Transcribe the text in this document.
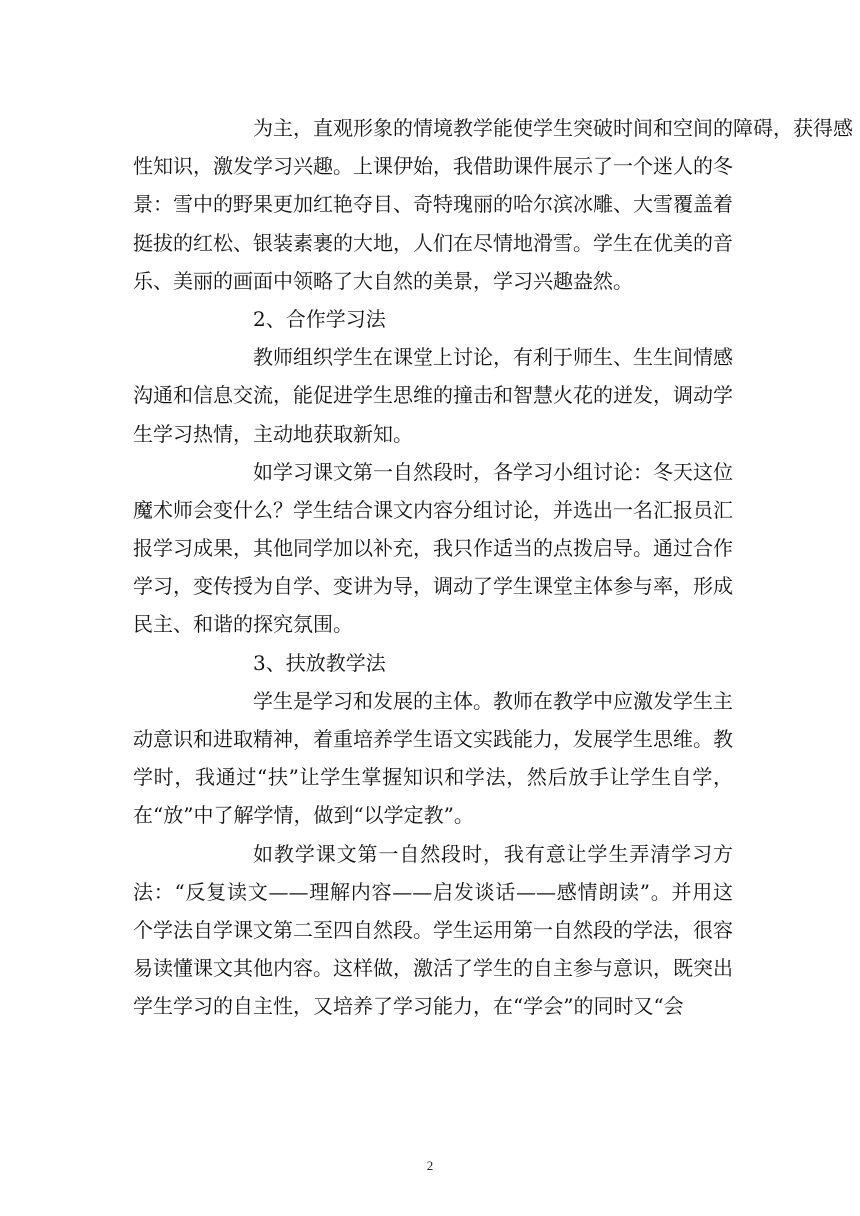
为主，直观形象的情境教学能使学生突破时间和空间的障碍，获得感
性知识，激发学习兴趣。上课伊始，我借助课件展示了一个迷人的冬
景：雪中的野果更加红艳夺目、奇特瑰丽的哈尔滨冰雕、大雪覆盖着
挺拔的红松、银装素裹的大地，人们在尽情地滑雪。学生在优美的音
乐、美丽的画面中领略了大自然的美景，学习兴趣盎然。
2、合作学习法
教师组织学生在课堂上讨论，有利于师生、生生间情感
沟通和信息交流，能促进学生思维的撞击和智慧火花的迸发，调动学
生学习热情，主动地获取新知。
如学习课文第一自然段时，各学习小组讨论：冬天这位
魔术师会变什么？学生结合课文内容分组讨论，并选出一名汇报员汇
报学习成果，其他同学加以补充，我只作适当的点拨启导。通过合作
学习，变传授为自学、变讲为导，调动了学生课堂主体参与率，形成
民主、和谐的探究氛围。
3、扶放教学法
学生是学习和发展的主体。教师在教学中应激发学生主
动意识和进取精神，着重培养学生语文实践能力，发展学生思维。教
学时，我通过“扶”让学生掌握知识和学法，然后放手让学生自学，
在“放”中了解学情，做到“以学定教”。
如教学课文第一自然段时，我有意让学生弄清学习方
法：“反复读文——理解内容——启发谈话——感情朗读”。并用这
个学法自学课文第二至四自然段。学生运用第一自然段的学法，很容
易读懂课文其他内容。这样做，激活了学生的自主参与意识，既突出
学生学习的自主性，又培养了学习能力，在“学会”的同时又“会
2
